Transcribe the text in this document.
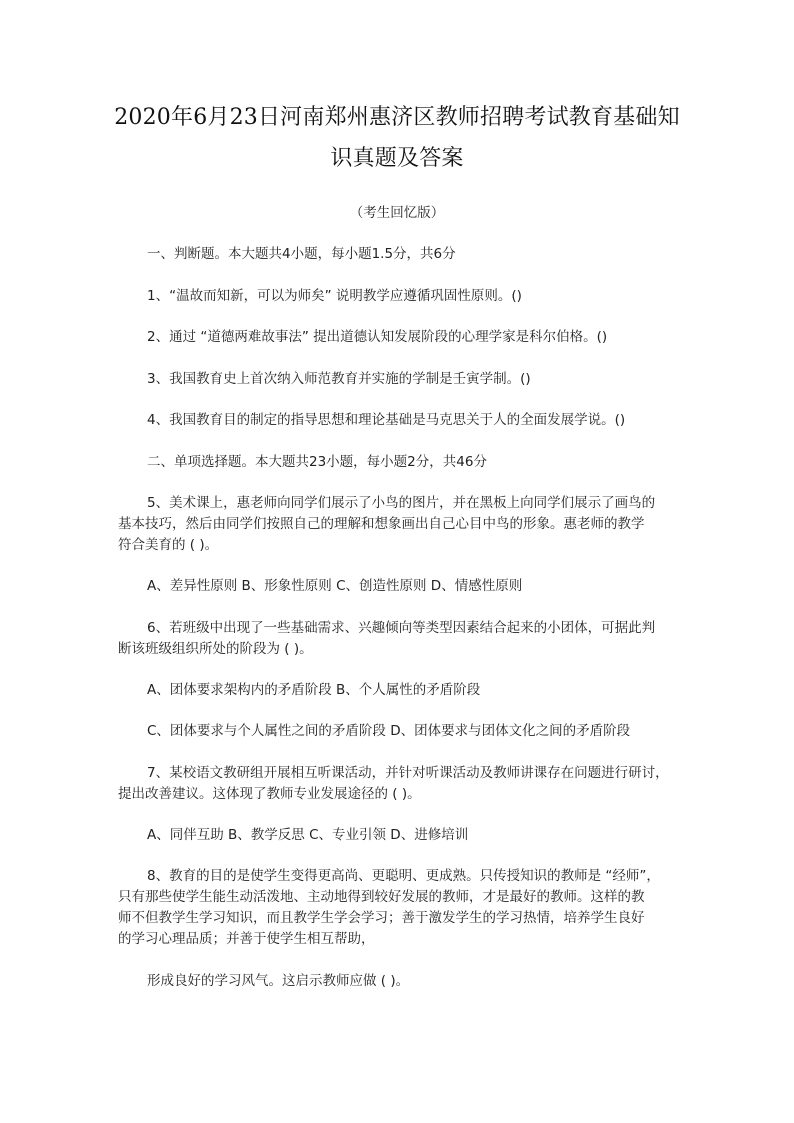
2020年6月23日河南郑州惠济区教师招聘考试教育基础知
识真题及答案
（考生回忆版）
一、判断题。本大题共4小题，每小题1.5分，共6分
1、“温故而知新，可以为师矣” 说明教学应遵循巩固性原则。()
2、通过 “道德两难故事法” 提出道德认知发展阶段的心理学家是科尔伯格。()
3、我国教育史上首次纳入师范教育并实施的学制是壬寅学制。()
4、我国教育目的制定的指导思想和理论基础是马克思关于人的全面发展学说。()
二、单项选择题。本大题共23小题，每小题2分，共46分
5、美术课上，惠老师向同学们展示了小鸟的图片，并在黑板上向同学们展示了画鸟的
基本技巧，然后由同学们按照自己的理解和想象画出自己心目中鸟的形象。惠老师的教学
符合美育的 ( )。
A、差异性原则 B、形象性原则 C、创造性原则 D、情感性原则
6、若班级中出现了一些基础需求、兴趣倾向等类型因素结合起来的小团体，可据此判
断该班级组织所处的阶段为 ( )。
A、团体要求架构内的矛盾阶段 B、个人属性的矛盾阶段
C、团体要求与个人属性之间的矛盾阶段 D、团体要求与团体文化之间的矛盾阶段
7、某校语文教研组开展相互听课活动，并针对听课活动及教师讲课存在问题进行研讨，
提出改善建议。这体现了教师专业发展途径的 ( )。
A、同伴互助 B、教学反思 C、专业引领 D、进修培训
8、教育的目的是使学生变得更高尚、更聪明、更成熟。只传授知识的教师是 “经师”，
只有那些使学生能生动活泼地、主动地得到较好发展的教师，才是最好的教师。这样的教
师不但教学生学习知识，而且教学生学会学习；善于激发学生的学习热情，培养学生良好
的学习心理品质；并善于使学生相互帮助，
形成良好的学习风气。这启示教师应做 ( )。
